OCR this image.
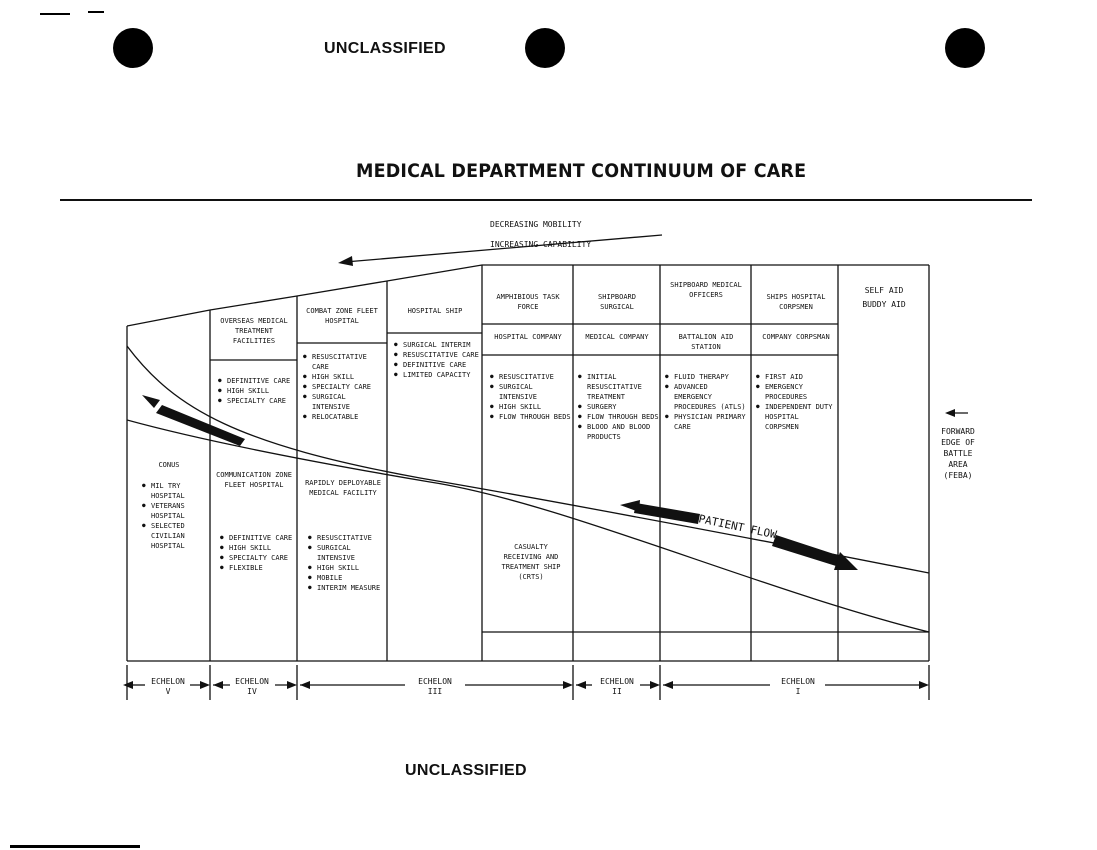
UNCLASSIFIED
MEDICAL DEPARTMENT CONTINUUM OF CARE
PATIENT FLOW
DECREASING MOBILITY
INCREASING CAPABILITY
OVERSEAS MEDICAL TREATMENT FACILITIES
● DEFINITIVE CARE
● HIGH SKILL
● SPECIALTY CARE
COMBAT ZONE FLEET HOSPITAL
● RESUSCITATIVE CARE
● HIGH SKILL
● SPECIALTY CARE
● SURGICAL INTENSIVE
● RELOCATABLE
HOSPITAL SHIP
● SURGICAL INTERIM
● RESUSCITATIVE CARE
● DEFINITIVE CARE
● LIMITED CAPACITY
AMPHIBIOUS TASK FORCE
HOSPITAL COMPANY
● RESUSCITATIVE
● SURGICAL INTENSIVE
● HIGH SKILL
● FLOW THROUGH BEDS
CASUALTY RECEIVING AND TREATMENT SHIP (CRTS)
SHIPBOARD SURGICAL
MEDICAL COMPANY
● INITIAL RESUSCITATIVE TREATMENT
● SURGERY
● FLOW THROUGH BEDS
● BLOOD AND BLOOD PRODUCTS
SHIPBOARD MEDICAL OFFICERS
BATTALION AID STATION
● FLUID THERAPY
● ADVANCED EMERGENCY PROCEDURES (ATLS)
● PHYSICIAN PRIMARY CARE
SHIPS HOSPITAL CORPSMEN
COMPANY CORPSMAN
● FIRST AID
● EMERGENCY PROCEDURES
● INDEPENDENT DUTY HOSPITAL CORPSMEN
SELF AID BUDDY AID
CONUS
● MIL TRY HOSPITAL
● VETERANS HOSPITAL
● SELECTED CIVILIAN HOSPITAL
COMMUNICATION ZONE FLEET HOSPITAL
● DEFINITIVE CARE
● HIGH SKILL
● SPECIALTY CARE
● FLEXIBLE
RAPIDLY DEPLOYABLE MEDICAL FACILITY
● RESUSCITATIVE
● SURGICAL INTENSIVE
● HIGH SKILL
● MOBILE
● INTERIM MEASURE
FORWARD EDGE OF BATTLE AREA (FEBA)
ECHELON
V
ECHELON
IV
ECHELON
III
ECHELON
II
ECHELON
I
UNCLASSIFIED
